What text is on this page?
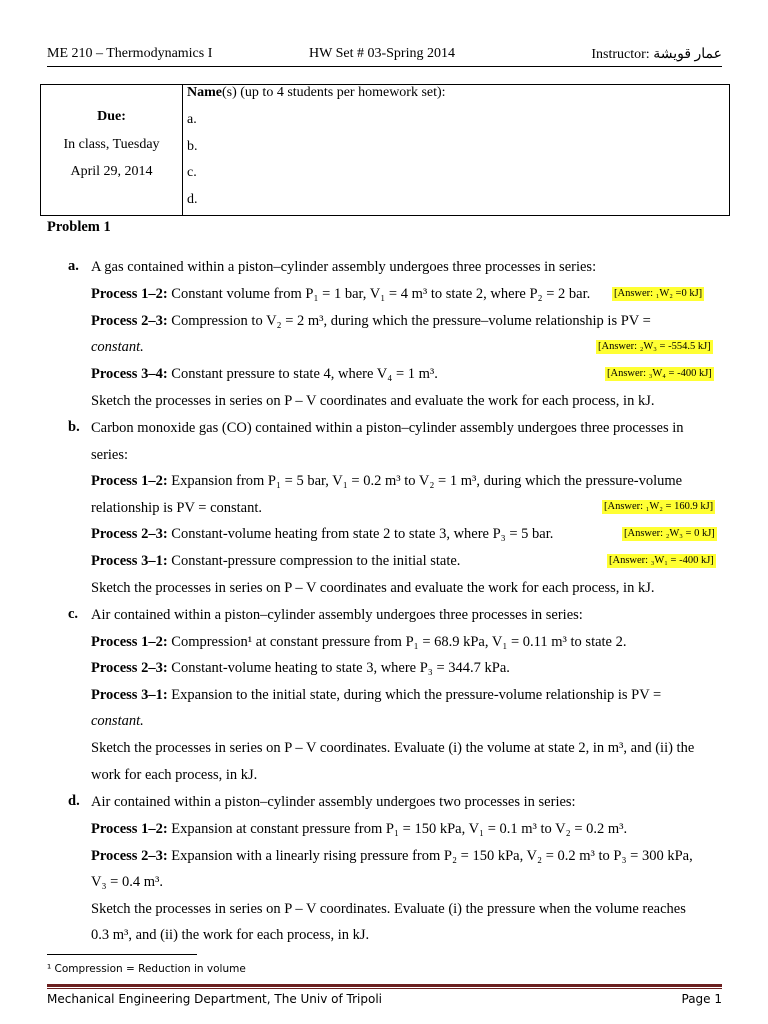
ME 210 – Thermodynamics I	HW Set # 03-Spring 2014	Instructor: عمار قويشة
Due:
In class, Tuesday
April 29, 2014
Name(s) (up to 4 students per homework set):
a.
b.
c.
d.
Problem 1
a. A gas contained within a piston–cylinder assembly undergoes three processes in series:
Process 1–2: Constant volume from P₁ = 1 bar, V₁ = 4 m³ to state 2, where P₂ = 2 bar. [Answer: ₁W₂ =0 kJ]
Process 2–3: Compression to V₂ = 2 m³, during which the pressure–volume relationship is PV =
constant.	[Answer: ₂W₃ = -554.5 kJ]
Process 3–4: Constant pressure to state 4, where V₄ = 1 m³.	[Answer: ₃W₄ = -400 kJ]
Sketch the processes in series on P – V coordinates and evaluate the work for each process, in kJ.
b. Carbon monoxide gas (CO) contained within a piston–cylinder assembly undergoes three processes in
series:
Process 1–2: Expansion from P₁ = 5 bar, V₁ = 0.2 m³ to V₂ = 1 m³, during which the pressure-volume
relationship is PV = constant.	[Answer: ₁W₂ = 160.9 kJ]
Process 2–3: Constant-volume heating from state 2 to state 3, where P₃ = 5 bar.	[Answer: ₂W₃ = 0 kJ]
Process 3–1: Constant-pressure compression to the initial state.	[Answer: ₃W₁ = -400 kJ]
Sketch the processes in series on P – V coordinates and evaluate the work for each process, in kJ.
c. Air contained within a piston–cylinder assembly undergoes three processes in series:
Process 1–2: Compression¹ at constant pressure from P₁ = 68.9 kPa, V₁ = 0.11 m³ to state 2.
Process 2–3: Constant-volume heating to state 3, where P₃ = 344.7 kPa.
Process 3–1: Expansion to the initial state, during which the pressure-volume relationship is PV =
constant.
Sketch the processes in series on P – V coordinates. Evaluate (i) the volume at state 2, in m³, and (ii) the
work for each process, in kJ.
d. Air contained within a piston–cylinder assembly undergoes two processes in series:
Process 1–2: Expansion at constant pressure from P₁ = 150 kPa, V₁ = 0.1 m³ to V₂ = 0.2 m³.
Process 2–3: Expansion with a linearly rising pressure from P₂ = 150 kPa, V₂ = 0.2 m³ to P₃ = 300 kPa,
V₃ = 0.4 m³.
Sketch the processes in series on P – V coordinates. Evaluate (i) the pressure when the volume reaches
0.3 m³, and (ii) the work for each process, in kJ.
¹ Compression = Reduction in volume
Mechanical Engineering Department, The Univ of Tripoli	Page 1
